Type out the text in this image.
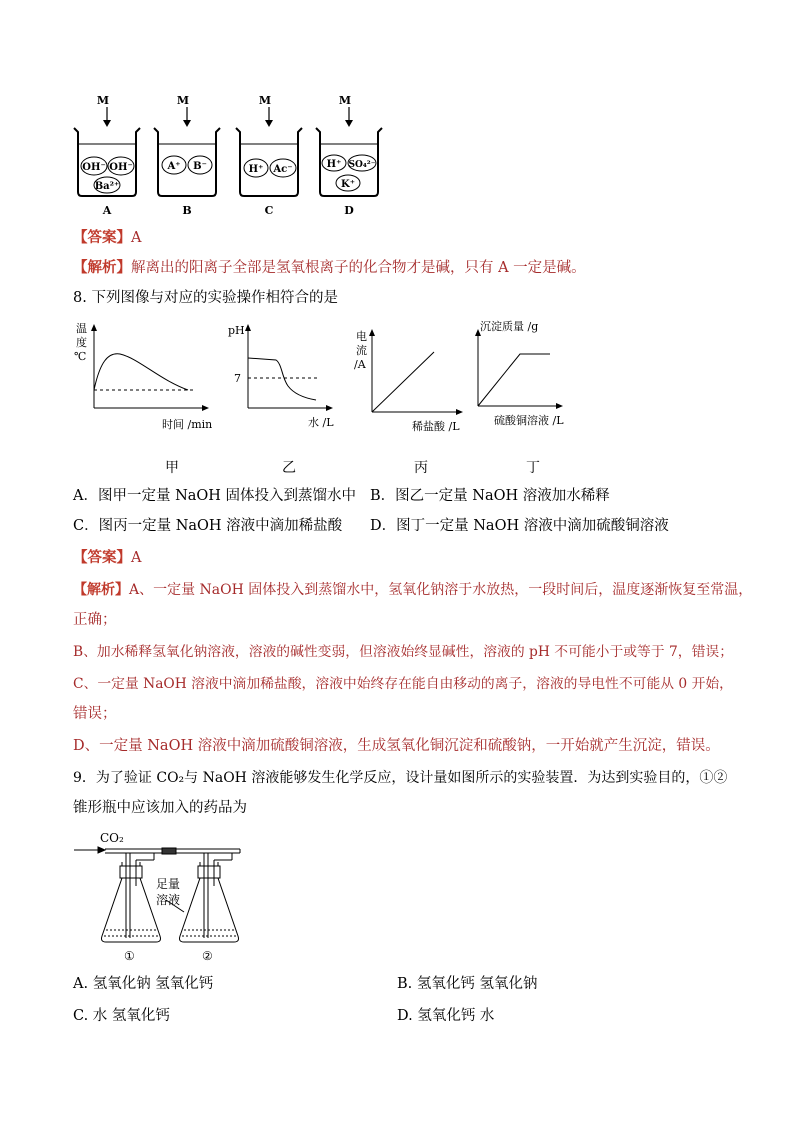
M
OH⁻ OH⁻
Ba²⁺
A
M
A⁺ B⁻
B
M
H⁺ Ac⁻
C
M
H⁺ SO₄²⁻
K⁺
D
【答案】A
【解析】解离出的阳离子全部是氢氧根离子的化合物才是碱，只有 A 一定是碱。
8. 下列图像与对应的实验操作相符合的是
温
度
℃
时间 /min
pH
7
水 /L
电
流
/A
稀盐酸 /L
沉淀质量 /g
硫酸铜溶液 /L
甲	乙	丙	丁
A．图甲一定量 NaOH 固体投入到蒸馏水中 B．图乙一定量 NaOH 溶液加水稀释
C．图丙一定量 NaOH 溶液中滴加稀盐酸 D．图丁一定量 NaOH 溶液中滴加硫酸铜溶液
【答案】A
【解析】A、一定量 NaOH 固体投入到蒸馏水中，氢氧化钠溶于水放热，一段时间后，温度逐渐恢复至常温，
正确；
B、加水稀释氢氧化钠溶液，溶液的碱性变弱，但溶液始终显碱性，溶液的 pH 不可能小于或等于 7，错误；
C、一定量 NaOH 溶液中滴加稀盐酸，溶液中始终存在能自由移动的离子，溶液的导电性不可能从 0 开始，
错误；
D、一定量 NaOH 溶液中滴加硫酸铜溶液，生成氢氧化铜沉淀和硫酸钠，一开始就产生沉淀，错误。
9．为了验证 CO₂与 NaOH 溶液能够发生化学反应，设计量如图所示的实验装置．为达到实验目的，①②
锥形瓶中应该加入的药品为
CO₂
足量
溶液
①	②
A. 氢氧化钠 氢氧化钙	B. 氢氧化钙 氢氧化钠
C. 水 氢氧化钙	D. 氢氧化钙 水
